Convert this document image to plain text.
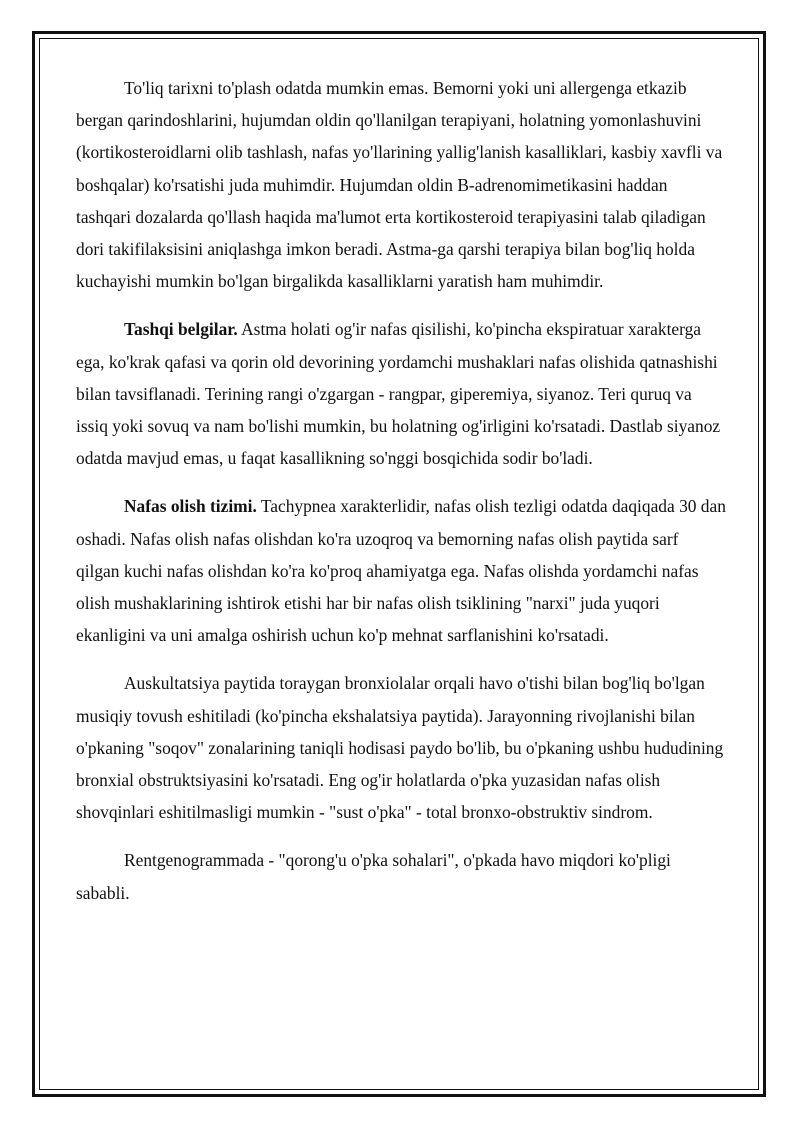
To'liq tarixni to'plash odatda mumkin emas. Bemorni yoki uni allergenga etkazib bergan qarindoshlarini, hujumdan oldin qo'llanilgan terapiyani, holatning yomonlashuvini (kortikosteroidlarni olib tashlash, nafas yo'llarining yallig'lanish kasalliklari, kasbiy xavfli va boshqalar) ko'rsatishi juda muhimdir. Hujumdan oldin B-adrenomimetikasini haddan tashqari dozalarda qo'llash haqida ma'lumot erta kortikosteroid terapiyasini talab qiladigan dori takifilaksisini aniqlashga imkon beradi. Astma-ga qarshi terapiya bilan bog'liq holda kuchayishi mumkin bo'lgan birgalikda kasalliklarni yaratish ham muhimdir.

Tashqi belgilar. Astma holati og'ir nafas qisilishi, ko'pincha ekspiratuar xarakterga ega, ko'krak qafasi va qorin old devorining yordamchi mushaklari nafas olishida qatnashishi bilan tavsiflanadi. Terining rangi o'zgargan - rangpar, giperemiya, siyanoz. Teri quruq va issiq yoki sovuq va nam bo'lishi mumkin, bu holatning og'irligini ko'rsatadi. Dastlab siyanoz odatda mavjud emas, u faqat kasallikning so'nggi bosqichida sodir bo'ladi.

Nafas olish tizimi. Tachypnea xarakterlidir, nafas olish tezligi odatda daqiqada 30 dan oshadi. Nafas olish nafas olishdan ko'ra uzoqroq va bemorning nafas olish paytida sarf qilgan kuchi nafas olishdan ko'ra ko'proq ahamiyatga ega. Nafas olishda yordamchi nafas olish mushaklarining ishtirok etishi har bir nafas olish tsiklining "narxi" juda yuqori ekanligini va uni amalga oshirish uchun ko'p mehnat sarflanishini ko'rsatadi.

Auskultatsiya paytida toraygan bronxiolalar orqali havo o'tishi bilan bog'liq bo'lgan musiqiy tovush eshitiladi (ko'pincha ekshalatsiya paytida). Jarayonning rivojlanishi bilan o'pkaning "soqov" zonalarining taniqli hodisasi paydo bo'lib, bu o'pkaning ushbu hududining bronxial obstruktsiyasini ko'rsatadi. Eng og'ir holatlarda o'pka yuzasidan nafas olish shovqinlari eshitilmasligi mumkin - "sust o'pka" - total bronxo-obstruktiv sindrom.

Rentgenogrammada - "qorong'u o'pka sohalari", o'pkada havo miqdori ko'pligi sababli.
